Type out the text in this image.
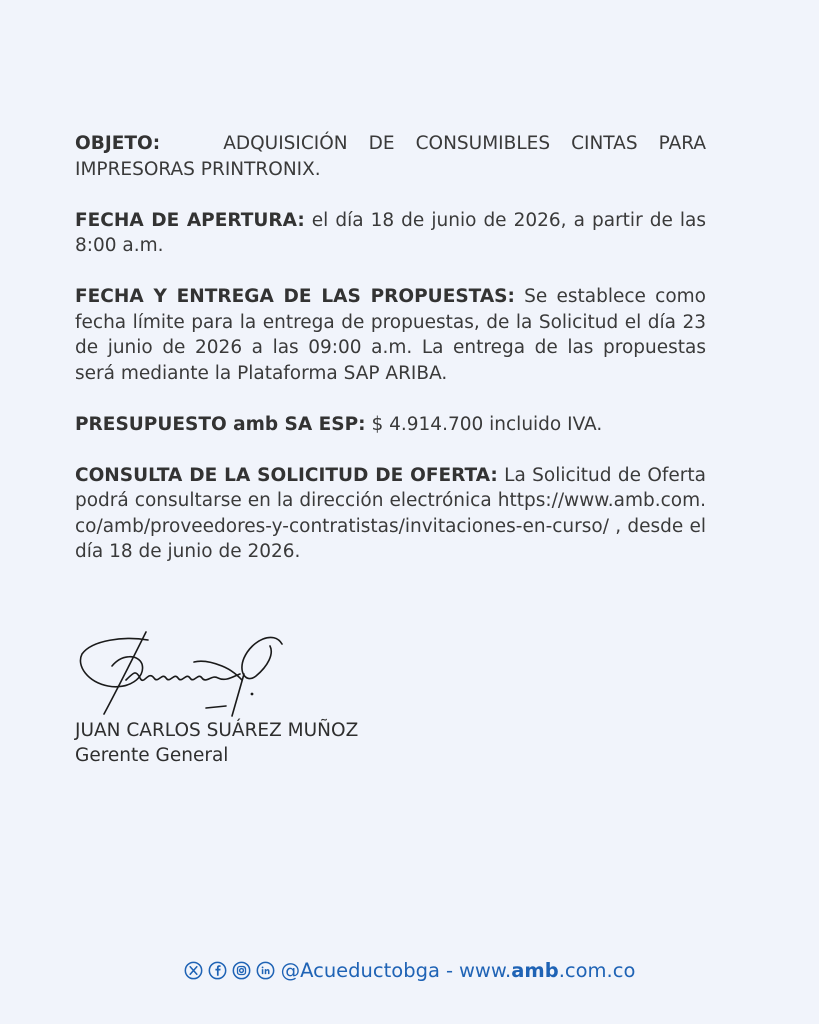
OBJETO:	ADQUISICIÓN DE CONSUMIBLES CINTAS PARA IMPRESORAS PRINTRONIX.

FECHA DE APERTURA: el día 18 de junio de 2026, a partir de las 8:00 a.m.

FECHA Y ENTREGA DE LAS PROPUESTAS: Se establece como fecha límite para la entrega de propuestas, de la Solicitud el día 23 de junio de 2026 a las 09:00 a.m. La entrega de las propuestas será mediante la Plataforma SAP ARIBA.

PRESUPUESTO amb SA ESP: $ 4.914.700 incluido IVA.

CONSULTA DE LA SOLICITUD DE OFERTA: La Solicitud de Oferta podrá consultarse en la dirección electrónica https://www.amb.com.co/amb/proveedores-y-contratistas/invitaciones-en-curso/ , desde el día 18 de junio de 2026.

JUAN CARLOS SUÁREZ MUÑOZ
Gerente General
@Acueductobga - www.amb.com.co
